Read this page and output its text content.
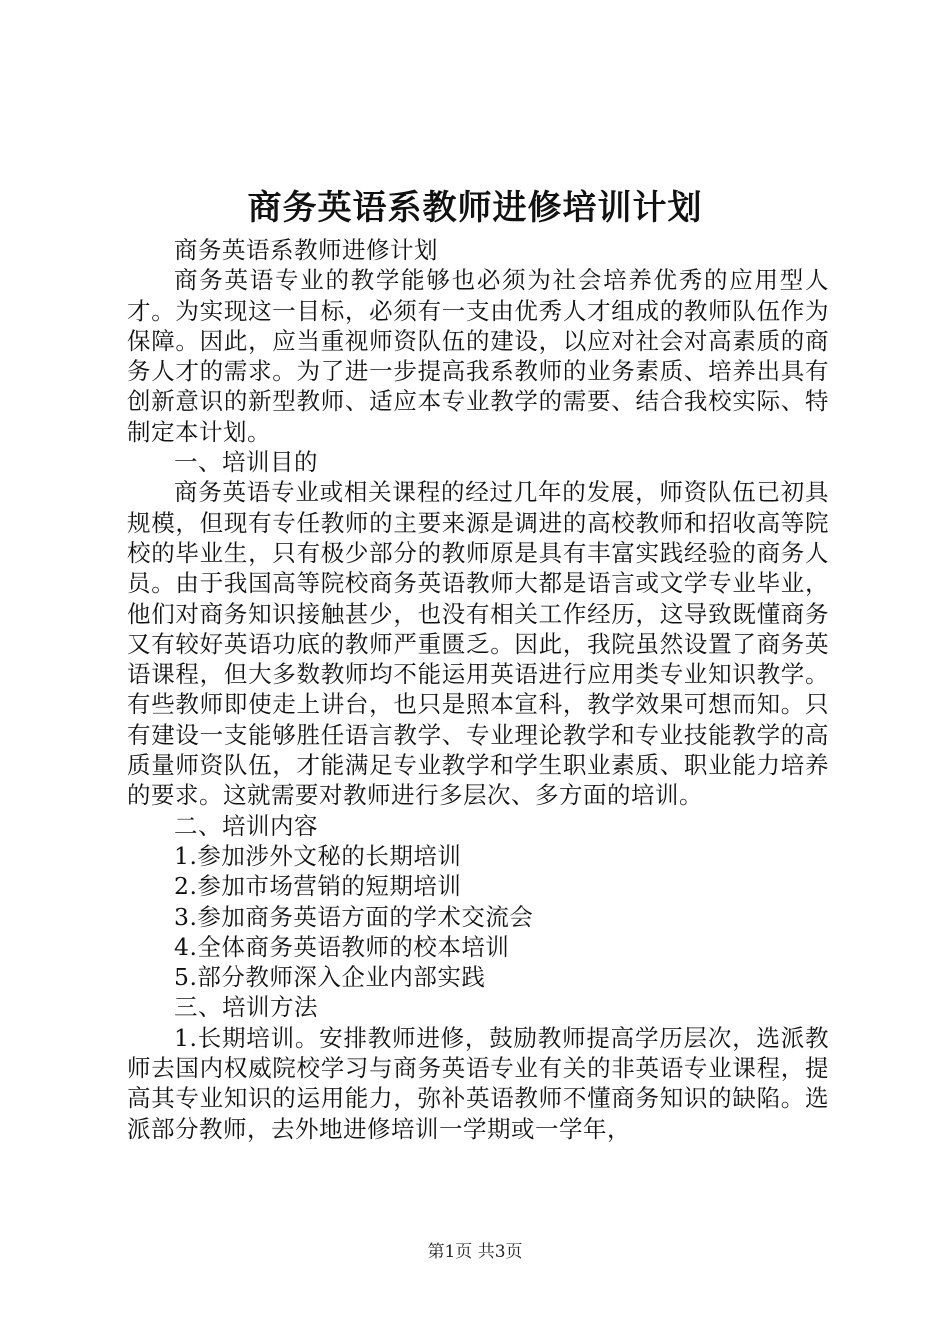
商务英语系教师进修培训计划

商务英语系教师进修计划

商务英语专业的教学能够也必须为社会培养优秀的应用型人才。为实现这一目标，必须有一支由优秀人才组成的教师队伍作为保障。因此，应当重视师资队伍的建设，以应对社会对高素质的商务人才的需求。为了进一步提高我系教师的业务素质、培养出具有创新意识的新型教师、适应本专业教学的需要、结合我校实际、特制定本计划。

一、培训目的

商务英语专业或相关课程的经过几年的发展，师资队伍已初具规模，但现有专任教师的主要来源是调进的高校教师和招收高等院校的毕业生，只有极少部分的教师原是具有丰富实践经验的商务人员。由于我国高等院校商务英语教师大都是语言或文学专业毕业，他们对商务知识接触甚少，也没有相关工作经历，这导致既懂商务又有较好英语功底的教师严重匮乏。因此，我院虽然设置了商务英语课程，但大多数教师均不能运用英语进行应用类专业知识教学。有些教师即使走上讲台，也只是照本宣科，教学效果可想而知。只有建设一支能够胜任语言教学、专业理论教学和专业技能教学的高质量师资队伍，才能满足专业教学和学生职业素质、职业能力培养的要求。这就需要对教师进行多层次、多方面的培训。

二、培训内容

1.参加涉外文秘的长期培训

2.参加市场营销的短期培训

3.参加商务英语方面的学术交流会

4.全体商务英语教师的校本培训

5.部分教师深入企业内部实践

三、培训方法

1.长期培训。安排教师进修，鼓励教师提高学历层次，选派教师去国内权威院校学习与商务英语专业有关的非英语专业课程，提高其专业知识的运用能力，弥补英语教师不懂商务知识的缺陷。选派部分教师，去外地进修培训一学期或一学年，

第1页 共3页
